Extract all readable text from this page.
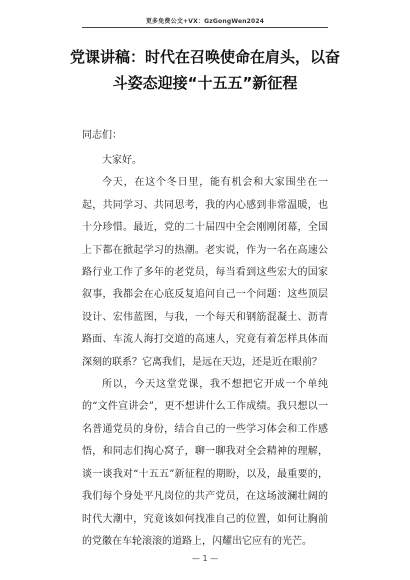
更多免费公文+VX：GzGongWen2024
党课讲稿：时代在召唤使命在肩头，以奋
斗姿态迎接“十五五”新征程

同志们：

大家好。

今天，在这个冬日里，能有机会和大家围坐在一起，共同学习、共同思考，我的内心感到非常温暖，也十分珍惜。最近，党的二十届四中全会刚刚闭幕，全国上下都在掀起学习的热潮。老实说，作为一名在高速公路行业工作了多年的老党员，每当看到这些宏大的国家叙事，我都会在心底反复追问自己一个问题：这些顶层设计、宏伟蓝图，与我，一个每天和钢筋混凝土、沥青路面、车流人海打交道的高速人，究竟有着怎样具体而深刻的联系？它离我们，是远在天边，还是近在眼前？

所以，今天这堂党课，我不想把它开成一个单纯的“文件宣讲会”，更不想讲什么工作成绩。我只想以一名普通党员的身份，结合自己的一些学习体会和工作感悟，和同志们掏心窝子，聊一聊我对全会精神的理解，谈一谈我对“十五五”新征程的期盼，以及，最重要的，我们每个身处平凡岗位的共产党员，在这场波澜壮阔的时代大潮中，究竟该如何找准自己的位置，如何让胸前的党徽在车轮滚滚的道路上，闪耀出它应有的光芒。

— 1 —
